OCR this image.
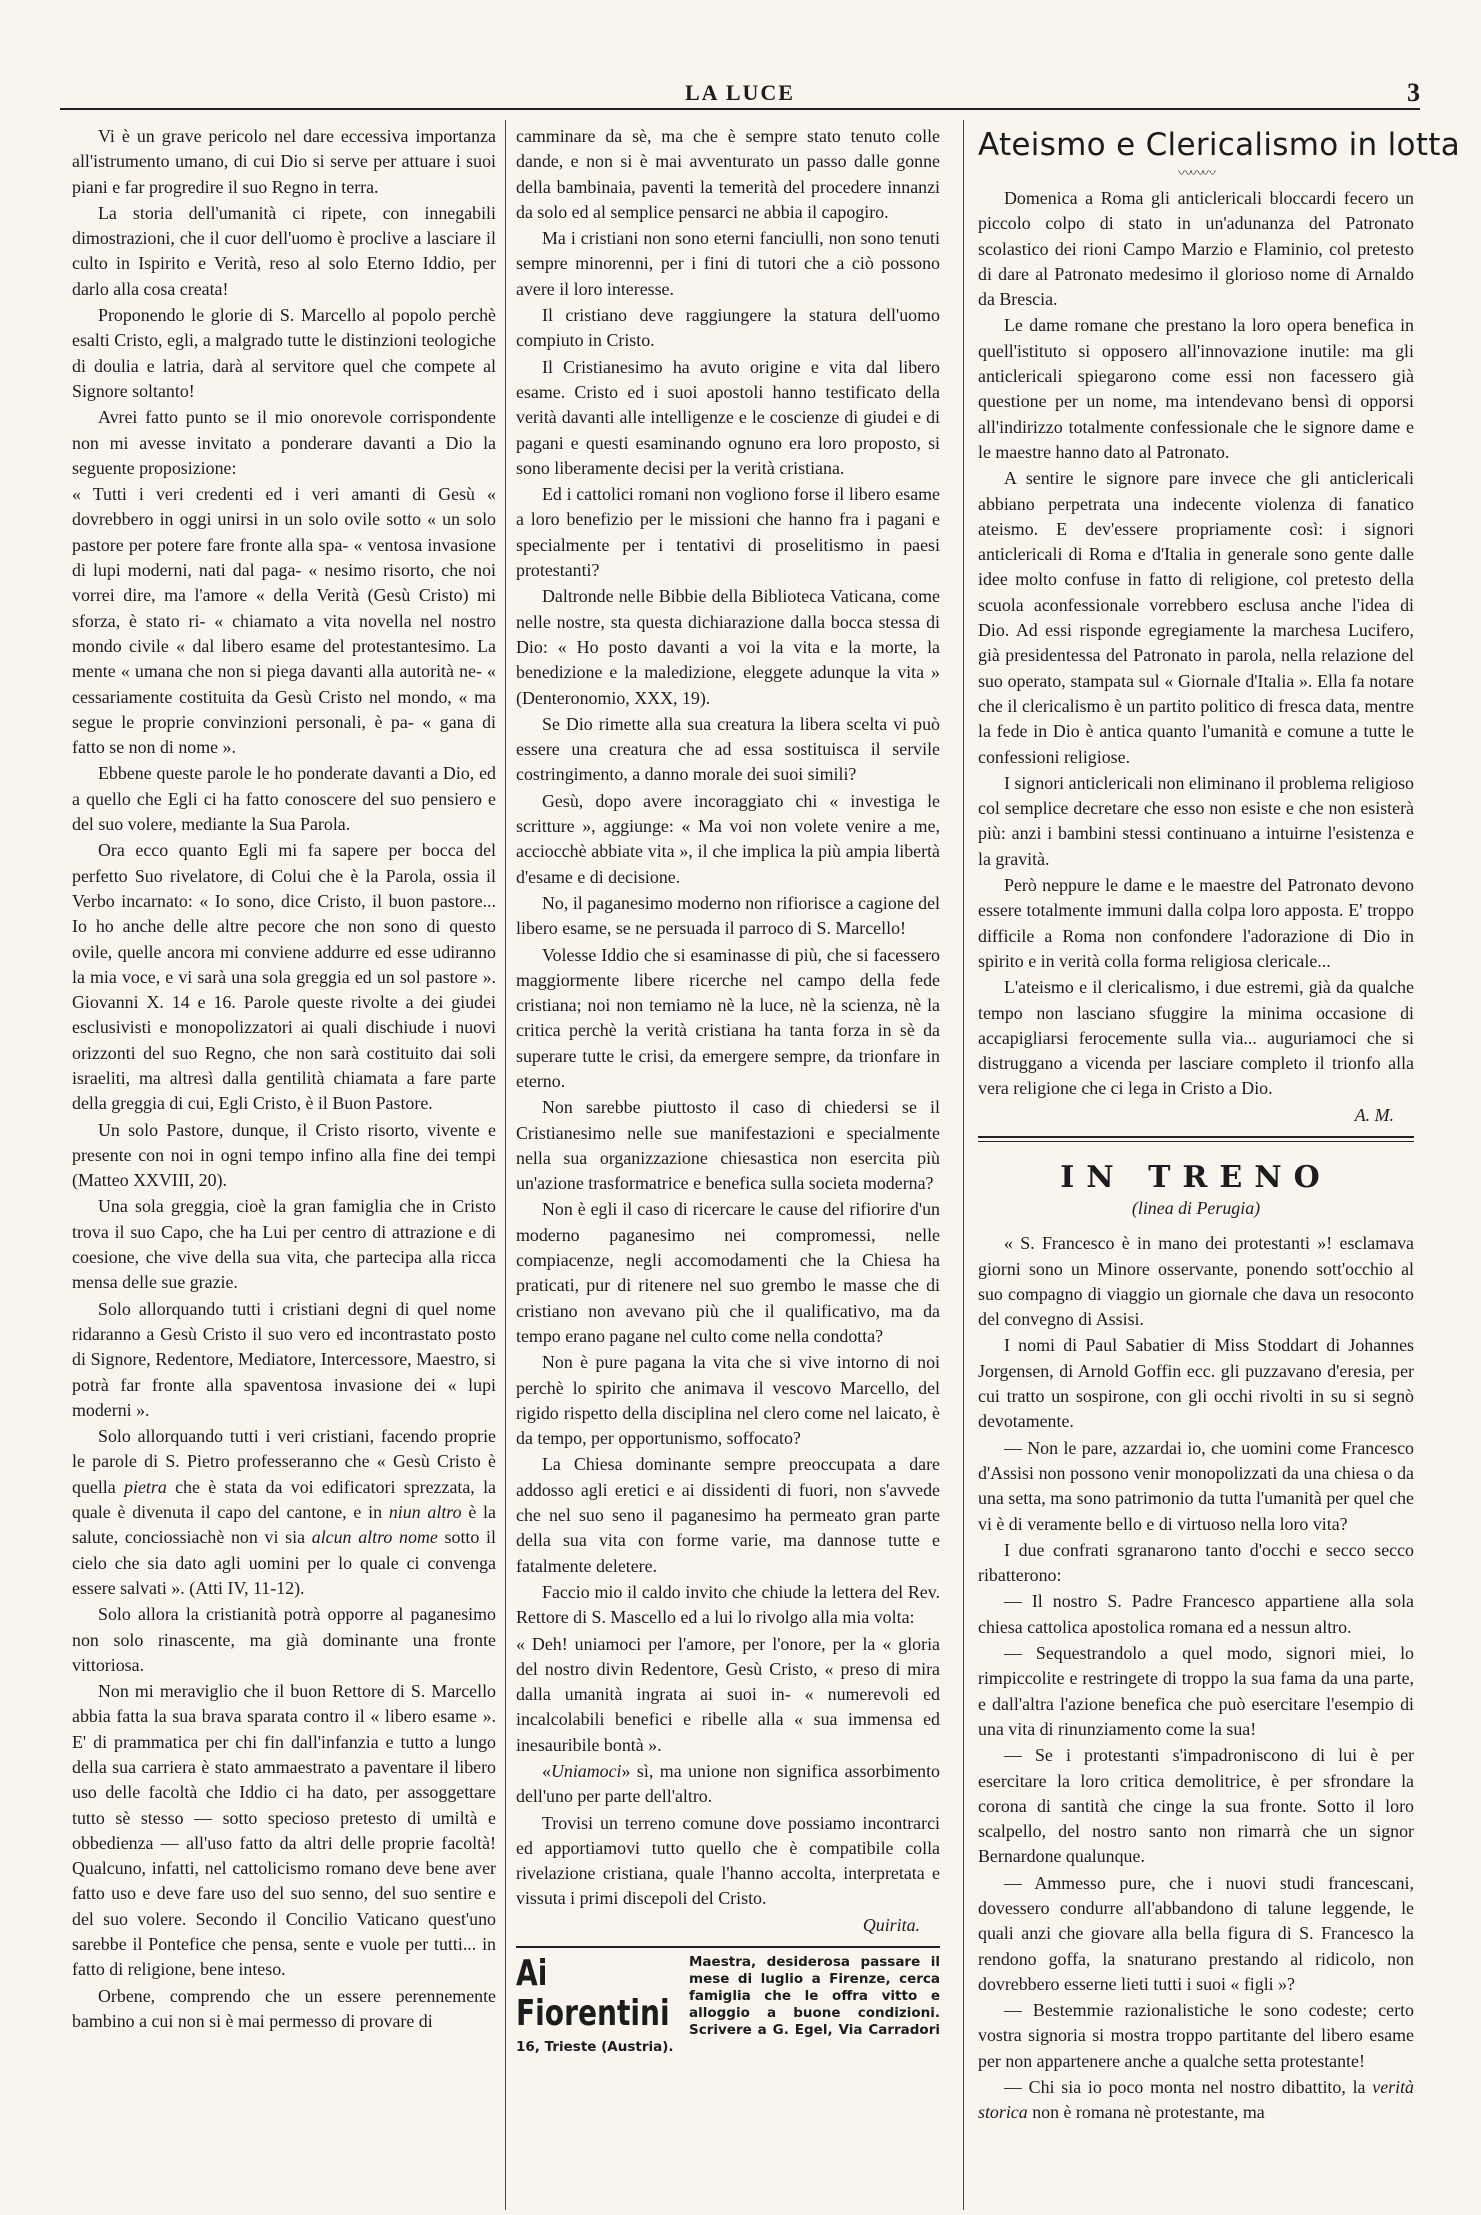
LA LUCE	3

Vi è un grave pericolo nel dare eccessiva importanza all'istrumento umano, di cui Dio si serve per attuare i suoi piani e far progredire il suo Regno in terra.

La storia dell'umanità ci ripete, con innegabili dimostrazioni, che il cuor dell'uomo è proclive a lasciare il culto in Ispirito e Verità, reso al solo Eterno Iddio, per darlo alla cosa creata!

Proponendo le glorie di S. Marcello al popolo perchè esalti Cristo, egli, a malgrado tutte le distinzioni teologiche di doulia e latria, darà al servitore quel che compete al Signore soltanto!

Avrei fatto punto se il mio onorevole corrispondente non mi avesse invitato a ponderare davanti a Dio la seguente proposizione:

« Tutti i veri credenti ed i veri amanti di Gesù « dovrebbero in oggi unirsi in un solo ovile sotto « un solo pastore per potere fare fronte alla spa- « ventosa invasione di lupi moderni, nati dal paga- « nesimo risorto, che noi vorrei dire, ma l'amore « della Verità (Gesù Cristo) mi sforza, è stato ri- « chiamato a vita novella nel nostro mondo civile « dal libero esame del protestantesimo. La mente « umana che non si piega davanti alla autorità ne- « cessariamente costituita da Gesù Cristo nel mondo, « ma segue le proprie convinzioni personali, è pa- « gana di fatto se non di nome ».

Ebbene queste parole le ho ponderate davanti a Dio, ed a quello che Egli ci ha fatto conoscere del suo pensiero e del suo volere, mediante la Sua Parola.

Ora ecco quanto Egli mi fa sapere per bocca del perfetto Suo rivelatore, di Colui che è la Parola, ossia il Verbo incarnato: « Io sono, dice Cristo, il buon pastore... Io ho anche delle altre pecore che non sono di questo ovile, quelle ancora mi conviene addurre ed esse udiranno la mia voce, e vi sarà una sola greggia ed un sol pastore ». Giovanni X. 14 e 16. Parole queste rivolte a dei giudei esclusivisti e monopolizzatori ai quali dischiude i nuovi orizzonti del suo Regno, che non sarà costituito dai soli israeliti, ma altresì dalla gentilità chiamata a fare parte della greggia di cui, Egli Cristo, è il Buon Pastore.

Un solo Pastore, dunque, il Cristo risorto, vivente e presente con noi in ogni tempo infino alla fine dei tempi (Matteo XXVIII, 20).

Una sola greggia, cioè la gran famiglia che in Cristo trova il suo Capo, che ha Lui per centro di attrazione e di coesione, che vive della sua vita, che partecipa alla ricca mensa delle sue grazie.

Solo allorquando tutti i cristiani degni di quel nome ridaranno a Gesù Cristo il suo vero ed incontrastato posto di Signore, Redentore, Mediatore, Intercessore, Maestro, si potrà far fronte alla spaventosa invasione dei « lupi moderni ».

Solo allorquando tutti i veri cristiani, facendo proprie le parole di S. Pietro professeranno che « Gesù Cristo è quella pietra che è stata da voi edificatori sprezzata, la quale è divenuta il capo del cantone, e in niun altro è la salute, conciossiachè non vi sia alcun altro nome sotto il cielo che sia dato agli uomini per lo quale ci convenga essere salvati ». (Atti IV, 11-12).

Solo allora la cristianità potrà opporre al paganesimo non solo rinascente, ma già dominante una fronte vittoriosa.

Non mi meraviglio che il buon Rettore di S. Marcello abbia fatta la sua brava sparata contro il « libero esame ». E' di prammatica per chi fin dall'infanzia e tutto a lungo della sua carriera è stato ammaestrato a paventare il libero uso delle facoltà che Iddio ci ha dato, per assoggettare tutto sè stesso — sotto specioso pretesto di umiltà e obbedienza — all'uso fatto da altri delle proprie facoltà! Qualcuno, infatti, nel cattolicismo romano deve bene aver fatto uso e deve fare uso del suo senno, del suo sentire e del suo volere. Secondo il Concilio Vaticano quest'uno sarebbe il Pontefice che pensa, sente e vuole per tutti... in fatto di religione, bene inteso.

Orbene, comprendo che un essere perennemente bambino a cui non si è mai permesso di provare di

camminare da sè, ma che è sempre stato tenuto colle dande, e non si è mai avventurato un passo dalle gonne della bambinaia, paventi la temerità del procedere innanzi da solo ed al semplice pensarci ne abbia il capogiro.

Ma i cristiani non sono eterni fanciulli, non sono tenuti sempre minorenni, per i fini di tutori che a ciò possono avere il loro interesse.

Il cristiano deve raggiungere la statura dell'uomo compiuto in Cristo.

Il Cristianesimo ha avuto origine e vita dal libero esame. Cristo ed i suoi apostoli hanno testificato della verità davanti alle intelligenze e le coscienze di giudei e di pagani e questi esaminando ognuno era loro proposto, si sono liberamente decisi per la verità cristiana.

Ed i cattolici romani non vogliono forse il libero esame a loro benefizio per le missioni che hanno fra i pagani e specialmente per i tentativi di proselitismo in paesi protestanti?

Daltronde nelle Bibbie della Biblioteca Vaticana, come nelle nostre, sta questa dichiarazione dalla bocca stessa di Dio: « Ho posto davanti a voi la vita e la morte, la benedizione e la maledizione, eleggete adunque la vita » (Denteronomio, XXX, 19).

Se Dio rimette alla sua creatura la libera scelta vi può essere una creatura che ad essa sostituisca il servile costringimento, a danno morale dei suoi simili?

Gesù, dopo avere incoraggiato chi « investiga le scritture », aggiunge: « Ma voi non volete venire a me, acciocchè abbiate vita », il che implica la più ampia libertà d'esame e di decisione.

No, il paganesimo moderno non rifiorisce a cagione del libero esame, se ne persuada il parroco di S. Marcello!

Volesse Iddio che si esaminasse di più, che si facessero maggiormente libere ricerche nel campo della fede cristiana; noi non temiamo nè la luce, nè la scienza, nè la critica perchè la verità cristiana ha tanta forza in sè da superare tutte le crisi, da emergere sempre, da trionfare in eterno.

Non sarebbe piuttosto il caso di chiedersi se il Cristianesimo nelle sue manifestazioni e specialmente nella sua organizzazione chiesastica non esercita più un'azione trasformatrice e benefica sulla societa moderna?

Non è egli il caso di ricercare le cause del rifiorire d'un moderno paganesimo nei compromessi, nelle compiacenze, negli accomodamenti che la Chiesa ha praticati, pur di ritenere nel suo grembo le masse che di cristiano non avevano più che il qualificativo, ma da tempo erano pagane nel culto come nella condotta?

Non è pure pagana la vita che si vive intorno di noi perchè lo spirito che animava il vescovo Marcello, del rigido rispetto della disciplina nel clero come nel laicato, è da tempo, per opportunismo, soffocato?

La Chiesa dominante sempre preoccupata a dare addosso agli eretici e ai dissidenti di fuori, non s'avvede che nel suo seno il paganesimo ha permeato gran parte della sua vita con forme varie, ma dannose tutte e fatalmente deletere.

Faccio mio il caldo invito che chiude la lettera del Rev. Rettore di S. Mascello ed a lui lo rivolgo alla mia volta:

« Deh! uniamoci per l'amore, per l'onore, per la « gloria del nostro divin Redentore, Gesù Cristo, « preso di mira dalla umanità ingrata ai suoi in- « numerevoli ed incalcolabili benefici e ribelle alla « sua immensa ed inesauribile bontà ».

«Uniamoci» sì, ma unione non significa assorbimento dell'uno per parte dell'altro.

Trovisi un terreno comune dove possiamo incontrarci ed apportiamovi tutto quello che è compatibile colla rivelazione cristiana, quale l'hanno accolta, interpretata e vissuta i primi discepoli del Cristo.

Quirita.
Ai Fiorentini
Maestra, desiderosa passare il mese di luglio a Firenze, cerca famiglia che le offra vitto e alloggio a buone condizioni. Scrivere a G. Egel, Via Carradori 16, Trieste (Austria).
Ateismo e Clericalismo in lotta
〰〰〰

Domenica a Roma gli anticlericali bloccardi fecero un piccolo colpo di stato in un'adunanza del Patronato scolastico dei rioni Campo Marzio e Flaminio, col pretesto di dare al Patronato medesimo il glorioso nome di Arnaldo da Brescia.

Le dame romane che prestano la loro opera benefica in quell'istituto si opposero all'innovazione inutile: ma gli anticlericali spiegarono come essi non facessero già questione per un nome, ma intendevano bensì di opporsi all'indirizzo totalmente confessionale che le signore dame e le maestre hanno dato al Patronato.

A sentire le signore pare invece che gli anticlericali abbiano perpetrata una indecente violenza di fanatico ateismo. E dev'essere propriamente così: i signori anticlericali di Roma e d'Italia in generale sono gente dalle idee molto confuse in fatto di religione, col pretesto della scuola aconfessionale vorrebbero esclusa anche l'idea di Dio. Ad essi risponde egregiamente la marchesa Lucifero, già presidentessa del Patronato in parola, nella relazione del suo operato, stampata sul « Giornale d'Italia ». Ella fa notare che il clericalismo è un partito politico di fresca data, mentre la fede in Dio è antica quanto l'umanità e comune a tutte le confessioni religiose.

I signori anticlericali non eliminano il problema religioso col semplice decretare che esso non esiste e che non esisterà più: anzi i bambini stessi continuano a intuirne l'esistenza e la gravità.

Però neppure le dame e le maestre del Patronato devono essere totalmente immuni dalla colpa loro apposta. E' troppo difficile a Roma non confondere l'adorazione di Dio in spirito e in verità colla forma religiosa clericale...

L'ateismo e il clericalismo, i due estremi, già da qualche tempo non lasciano sfuggire la minima occasione di accapigliarsi ferocemente sulla via... auguriamoci che si distruggano a vicenda per lasciare completo il trionfo alla vera religione che ci lega in Cristo a Dio.

A. M.
IN TRENO
(linea di Perugia)

« S. Francesco è in mano dei protestanti »! esclamava giorni sono un Minore osservante, ponendo sott'occhio al suo compagno di viaggio un giornale che dava un resoconto del convegno di Assisi.

I nomi di Paul Sabatier di Miss Stoddart di Johannes Jorgensen, di Arnold Goffin ecc. gli puzzavano d'eresia, per cui tratto un sospirone, con gli occhi rivolti in su si segnò devotamente.

— Non le pare, azzardai io, che uomini come Francesco d'Assisi non possono venir monopolizzati da una chiesa o da una setta, ma sono patrimonio da tutta l'umanità per quel che vi è di veramente bello e di virtuoso nella loro vita?

I due confrati sgranarono tanto d'occhi e secco secco ribatterono:

— Il nostro S. Padre Francesco appartiene alla sola chiesa cattolica apostolica romana ed a nessun altro.

— Sequestrandolo a quel modo, signori miei, lo rimpiccolite e restringete di troppo la sua fama da una parte, e dall'altra l'azione benefica che può esercitare l'esempio di una vita di rinunziamento come la sua!

— Se i protestanti s'impadroniscono di lui è per esercitare la loro critica demolitrice, è per sfrondare la corona di santità che cinge la sua fronte. Sotto il loro scalpello, del nostro santo non rimarrà che un signor Bernardone qualunque.

— Ammesso pure, che i nuovi studi francescani, dovessero condurre all'abbandono di talune leggende, le quali anzi che giovare alla bella figura di S. Francesco la rendono goffa, la snaturano prestando al ridicolo, non dovrebbero esserne lieti tutti i suoi « figli »?

— Bestemmie razionalistiche le sono codeste; certo vostra signoria si mostra troppo partitante del libero esame per non appartenere anche a qualche setta protestante!

— Chi sia io poco monta nel nostro dibattito, la verità storica non è romana nè protestante, ma
